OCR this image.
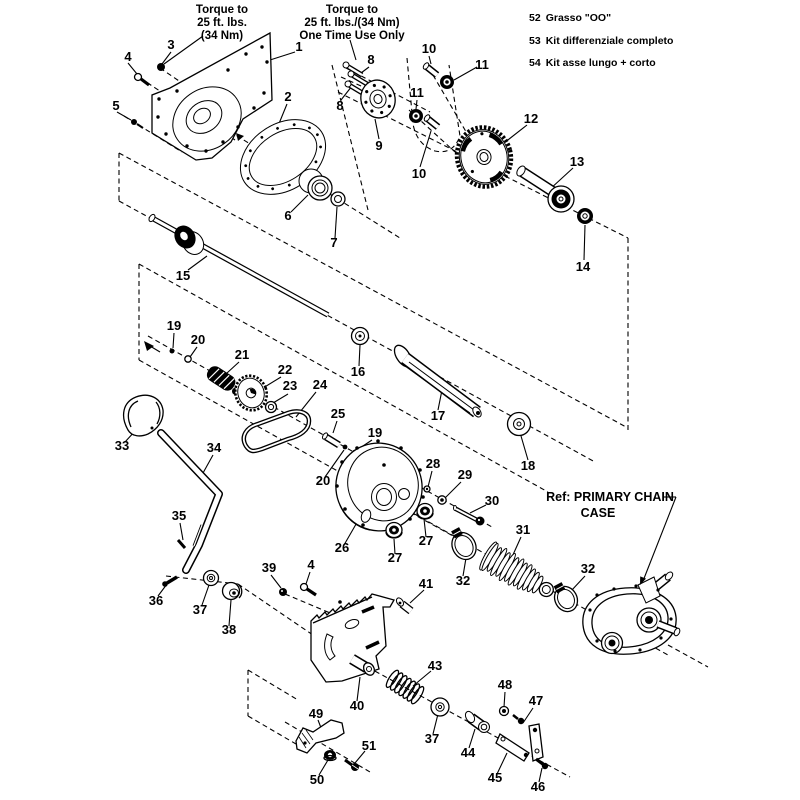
Torque to
25 ft. lbs.
(34 Nm)
Torque to
25 ft. lbs./(34 Nm)
One Time Use Only
52 Grasso "OO"
53 Kit differenziale completo
54 Kit asse lungo + corto
Ref: PRIMARY CHAIN
CASE
1
2
3
4
5
8
8
9
10
10
11
11
12
13
14
6
7
15
16
17
18
19
20
21
22
23 24
25
19
20
26
27
27
28
29
30
31
32
32
33	34
35
36
37
38
39 4
40
41
43
37
44
45
46
47
48
49
50
51
